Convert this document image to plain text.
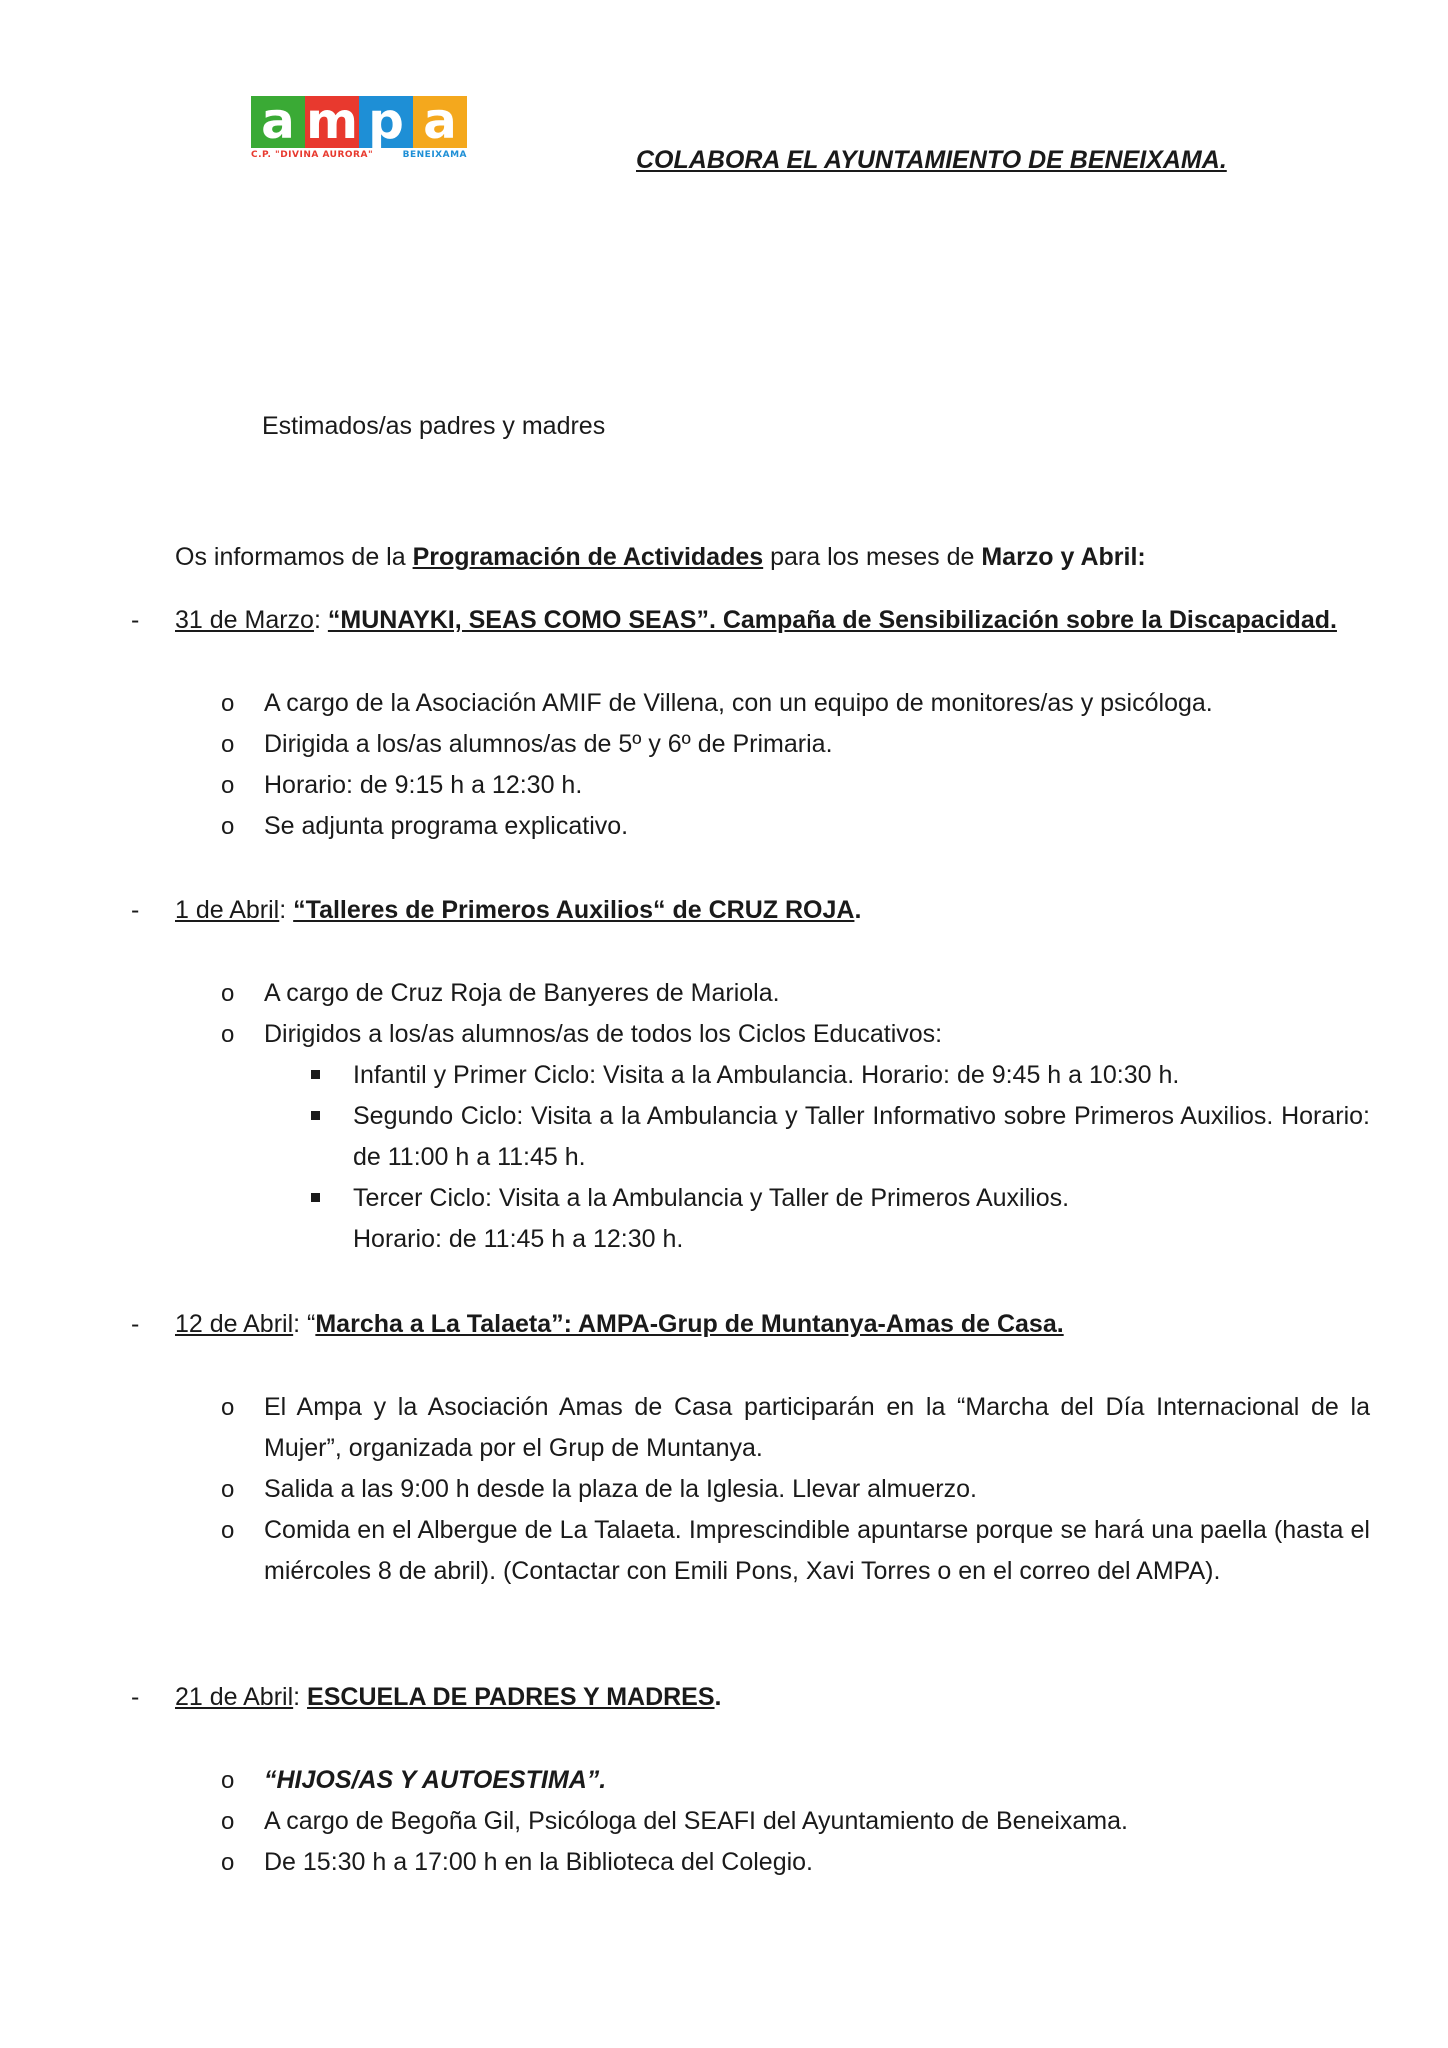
a m p a
C.P. "DIVINA AURORA"	BENEIXAMA	COLABORA EL AYUNTAMIENTO DE BENEIXAMA.
Estimados/as padres y madres
Os informamos de la Programación de Actividades para los meses de Marzo y Abril:
- 31 de Marzo: “MUNAYKI, SEAS COMO SEAS”. Campaña de Sensibilización sobre la Discapacidad.
o A cargo de la Asociación AMIF de Villena, con un equipo de monitores/as y psicóloga.
o Dirigida a los/as alumnos/as de 5º y 6º de Primaria.
o Horario: de 9:15 h a 12:30 h.
o Se adjunta programa explicativo.
- 1 de Abril: “Talleres de Primeros Auxilios“ de CRUZ ROJA.
o A cargo de Cruz Roja de Banyeres de Mariola.
o Dirigidos a los/as alumnos/as de todos los Ciclos Educativos:
Infantil y Primer Ciclo: Visita a la Ambulancia. Horario: de 9:45 h a 10:30 h.
Segundo Ciclo: Visita a la Ambulancia y Taller Informativo sobre Primeros Auxilios. Horario: de 11:00 h a 11:45 h.
Tercer Ciclo: Visita a la Ambulancia y Taller de Primeros Auxilios.
Horario: de 11:45 h a 12:30 h.
- 12 de Abril: “Marcha a La Talaeta”: AMPA-Grup de Muntanya-Amas de Casa.
o El Ampa y la Asociación Amas de Casa participarán en la “Marcha del Día Internacional de la Mujer”, organizada por el Grup de Muntanya.
o Salida a las 9:00 h desde la plaza de la Iglesia. Llevar almuerzo.
o Comida en el Albergue de La Talaeta. Imprescindible apuntarse porque se hará una paella (hasta el miércoles 8 de abril). (Contactar con Emili Pons, Xavi Torres o en el correo del AMPA).
- 21 de Abril: ESCUELA DE PADRES Y MADRES.
o “HIJOS/AS Y AUTOESTIMA”.
o A cargo de Begoña Gil, Psicóloga del SEAFI del Ayuntamiento de Beneixama.
o De 15:30 h a 17:00 h en la Biblioteca del Colegio.
